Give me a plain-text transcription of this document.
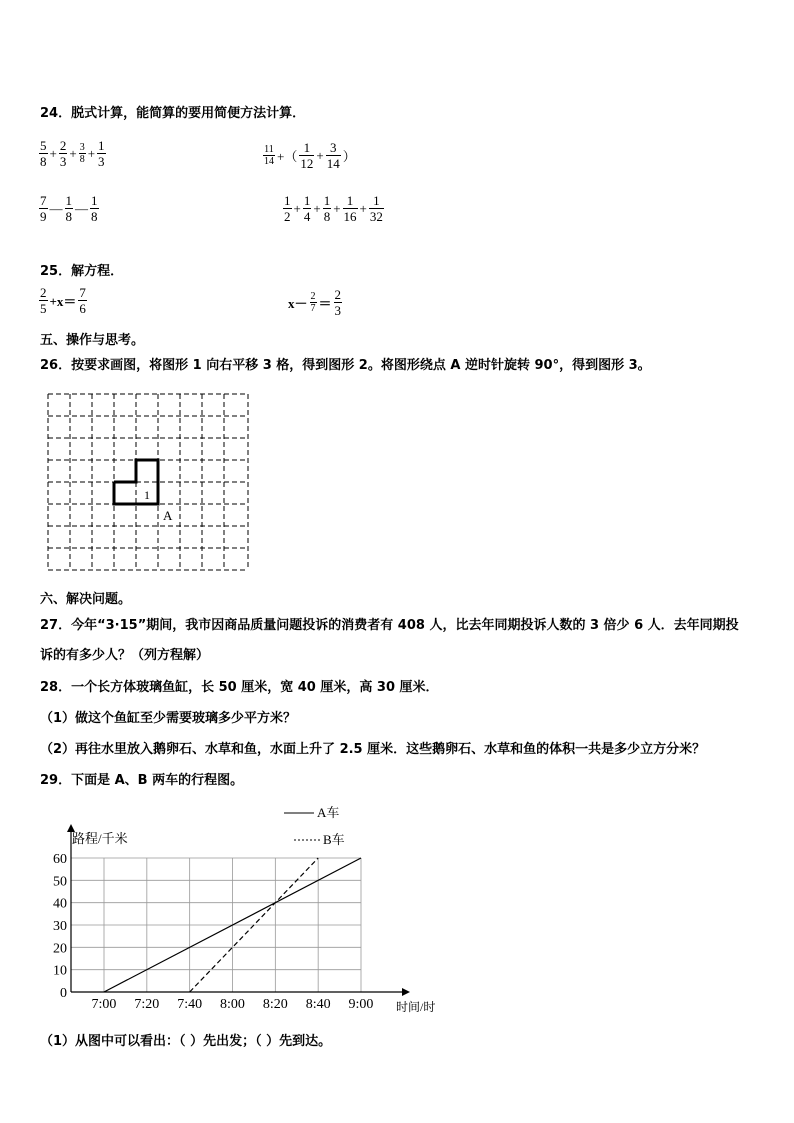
24．脱式计算，能简算的要用简便方法计算．
$\frac{5}{8} + \frac{2}{3} + \frac{3}{8} + \frac{1}{3}$	$\frac{11}{14}$ +（ $\frac{1}{12} + \frac{3}{14}$ ）
$\frac{7}{9}$ — $\frac{1}{8}$ — $\frac{1}{8}$	$\frac{1}{2} + \frac{1}{4} + \frac{1}{8} + \frac{1}{16} + \frac{1}{32}$
25．解方程．
$\frac{2}{5} +x= \frac{7}{6}$	$x- \frac{2}{7} = \frac{2}{3}$
五、操作与思考。
26．按要求画图，将图形 1 向右平移 3 格，得到图形 2。将图形绕点 A 逆时针旋转 90°，得到图形 3。
1
A
六、解决问题。
27．今年“3·15”期间，我市因商品质量问题投诉的消费者有 408 人，比去年同期投诉人数的 3 倍少 6 人．去年同期投
诉的有多少人？（列方程解）
28．一个长方体玻璃鱼缸，长 50 厘米，宽 40 厘米，高 30 厘米．
（1）做这个鱼缸至少需要玻璃多少平方米？
（2）再往水里放入鹅卵石、水草和鱼，水面上升了 2.5 厘米．这些鹅卵石、水草和鱼的体积一共是多少立方分米？
29．下面是 A、B 两车的行程图。
0
10
20
30
40
50
60
7:00 7:20 7:40 8:00 8:20 8:40 9:00
路程/千米
时间/时
A车
B车
（1）从图中可以看出：（ ）先出发；（ ）先到达。
